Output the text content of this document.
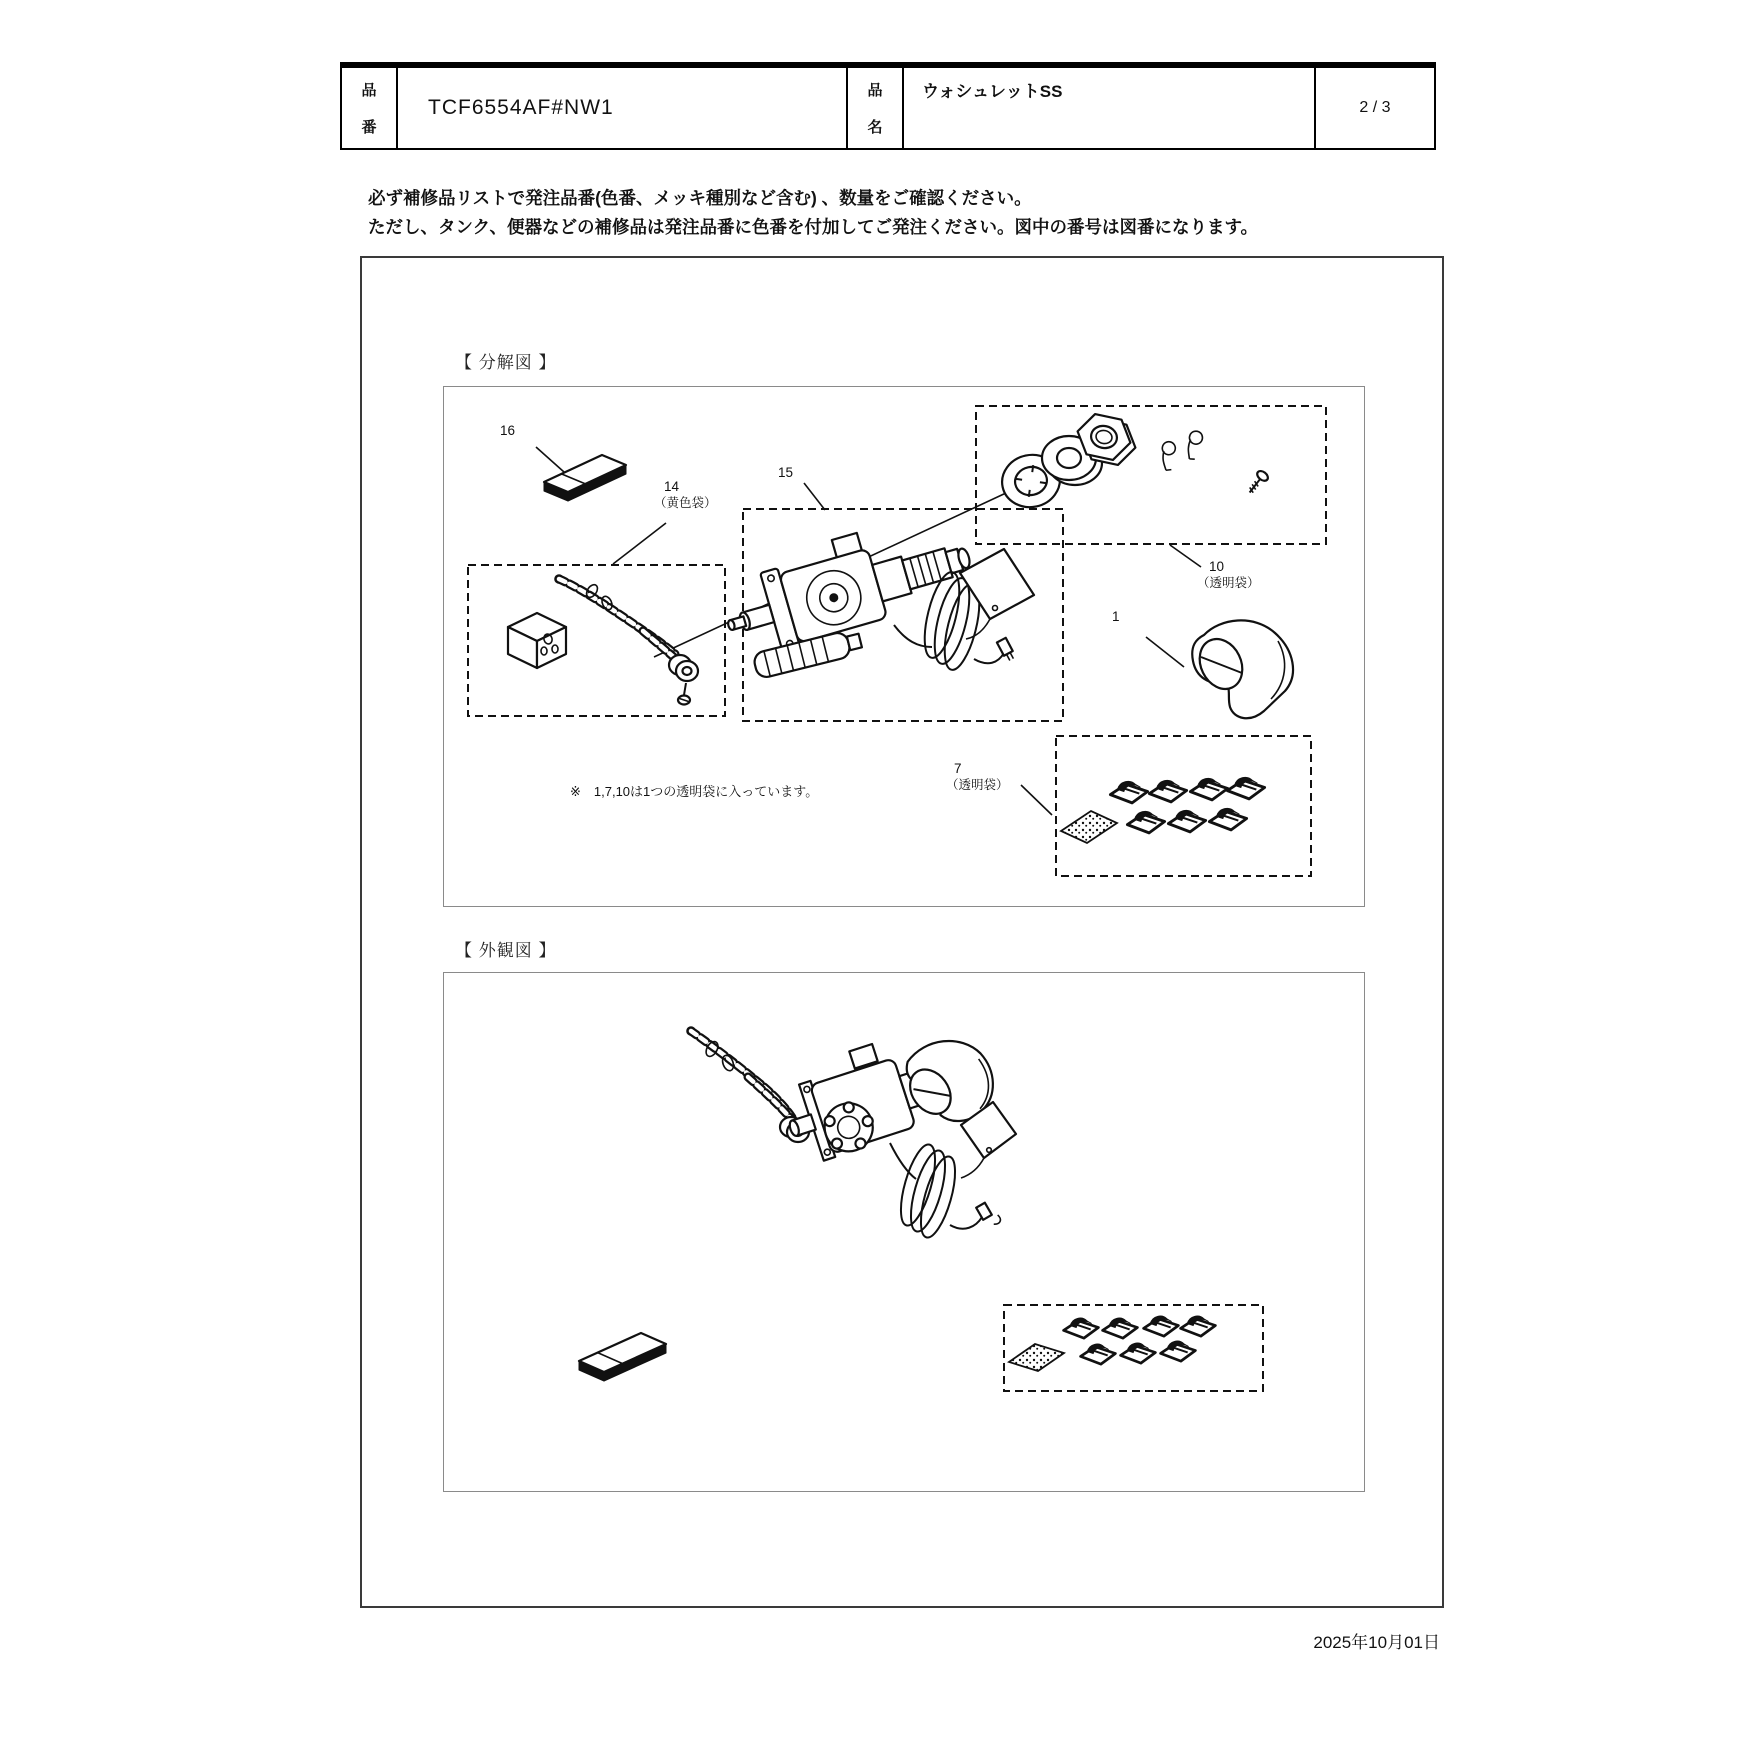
品
番
TCF6554AF#NW1
品
名
ウォシュレットSS
2 / 3
必ず補修品リストで発注品番(色番、メッキ種別など含む) 、数量をご確認ください。
ただし、タンク、便器などの補修品は発注品番に色番を付加してご発注ください。図中の番号は図番になります。
【 分解図 】
16
14
（黄色袋）
15
10
（透明袋）
1
7
（透明袋）
※　1,7,10は1つの透明袋に入っています。
【 外観図 】
2025年10月01日
